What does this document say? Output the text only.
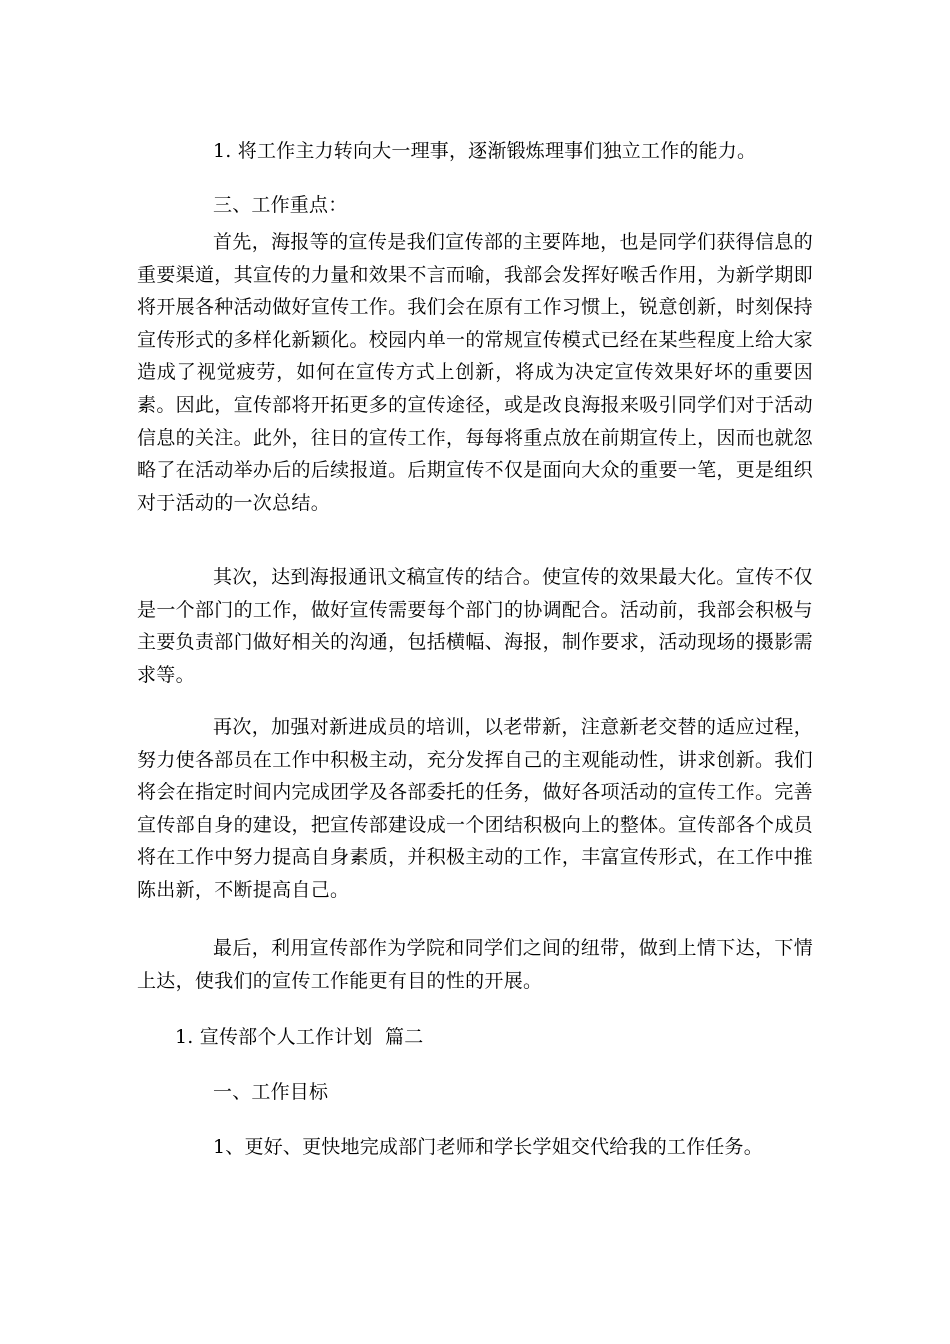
1. 将工作主力转向大一理事，逐渐锻炼理事们独立工作的能力。
三、工作重点：

首先，海报等的宣传是我们宣传部的主要阵地，也是同学们获得信息的重要渠道，其宣传的力量和效果不言而喻，我部会发挥好喉舌作用，为新学期即将开展各种活动做好宣传工作。我们会在原有工作习惯上，锐意创新，时刻保持宣传形式的多样化新颖化。校园内单一的常规宣传模式已经在某些程度上给大家造成了视觉疲劳，如何在宣传方式上创新，将成为决定宣传效果好坏的重要因素。因此，宣传部将开拓更多的宣传途径，或是改良海报来吸引同学们对于活动信息的关注。此外，往日的宣传工作，每每将重点放在前期宣传上，因而也就忽略了在活动举办后的后续报道。后期宣传不仅是面向大众的重要一笔，更是组织对于活动的一次总结。

其次，达到海报通讯文稿宣传的结合。使宣传的效果最大化。宣传不仅是一个部门的工作，做好宣传需要每个部门的协调配合。活动前，我部会积极与主要负责部门做好相关的沟通，包括横幅、海报，制作要求，活动现场的摄影需求等。

再次，加强对新进成员的培训，以老带新，注意新老交替的适应过程，努力使各部员在工作中积极主动，充分发挥自己的主观能动性，讲求创新。我们将会在指定时间内完成团学及各部委托的任务，做好各项活动的宣传工作。完善宣传部自身的建设，把宣传部建设成一个团结积极向上的整体。宣传部各个成员将在工作中努力提高自身素质，并积极主动的工作，丰富宣传形式，在工作中推陈出新，不断提高自己。

最后，利用宣传部作为学院和同学们之间的纽带，做到上情下达，下情上达，使我们的宣传工作能更有目的性的开展。

1. 宣传部个人工作计划  篇二
一、工作目标
1、更好、更快地完成部门老师和学长学姐交代给我的工作任务。
